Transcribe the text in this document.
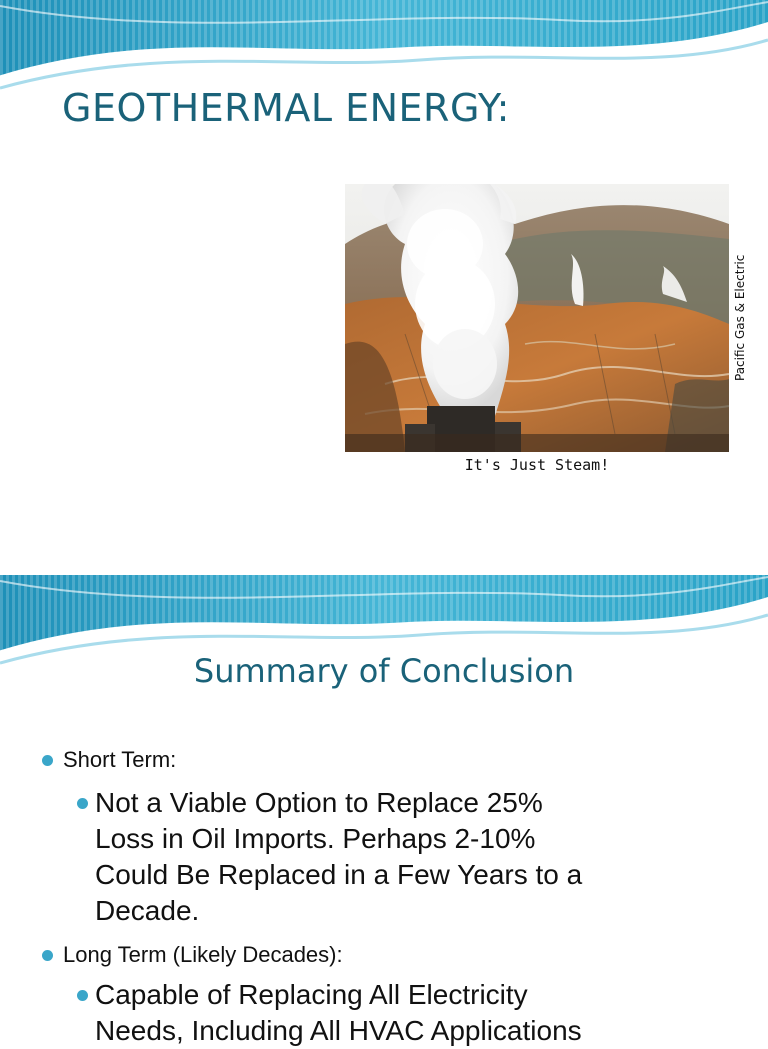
GEOTHERMAL ENERGY:
Pacific Gas & Electric
It's Just Steam!
Summary of Conclusion
Short Term:
Not a Viable Option to Replace 25%
Loss in Oil Imports. Perhaps 2-10%
Could Be Replaced in a Few Years to a
Decade.
Long Term (Likely Decades):
Capable of Replacing All Electricity
Needs, Including All HVAC Applications
